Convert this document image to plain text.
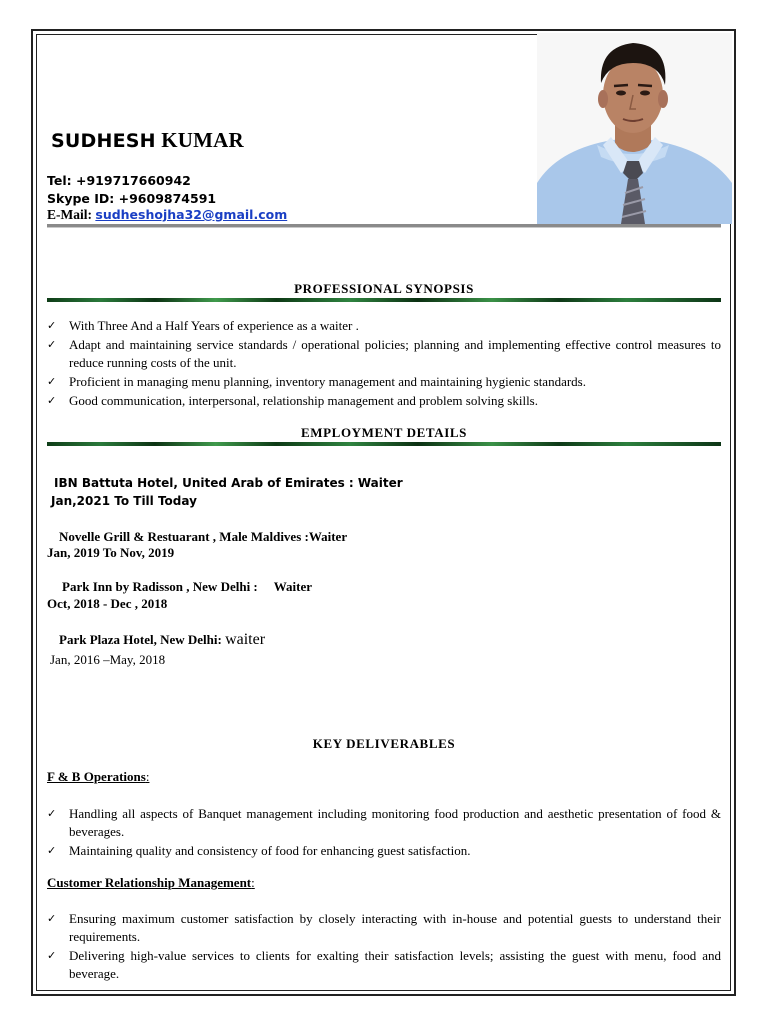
SUDHESH KUMAR
Tel: +919717660942
Skype ID: +9609874591
E-Mail: sudheshojha32@gmail.com
PROFESSIONAL SYNOPSIS
✓ With Three And a Half Years of experience as a waiter .
✓ Adapt and maintaining service standards / operational policies; planning and implementing effective control measures to reduce running costs of the unit.
✓ Proficient in managing menu planning, inventory management and maintaining hygienic standards.
✓ Good communication, interpersonal, relationship management and problem solving skills.
EMPLOYMENT DETAILS
IBN Battuta Hotel, United Arab of Emirates : Waiter
Jan,2021 To Till Today
Novelle Grill & Restuarant , Male Maldives :Waiter
Jan, 2019 To Nov, 2019
Park Inn by Radisson , New Delhi :     Waiter
Oct, 2018 - Dec , 2018
Park Plaza Hotel, New Delhi: waiter
Jan, 2016 –May, 2018
KEY DELIVERABLES
F & B Operations:
✓ Handling all aspects of Banquet management including monitoring food production and aesthetic presentation of food & beverages.
✓ Maintaining quality and consistency of food for enhancing guest satisfaction.
Customer Relationship Management:
✓ Ensuring maximum customer satisfaction by closely interacting with in-house and potential guests to understand their requirements.
✓ Delivering high-value services to clients for exalting their satisfaction levels; assisting the guest with menu, food and beverage.
